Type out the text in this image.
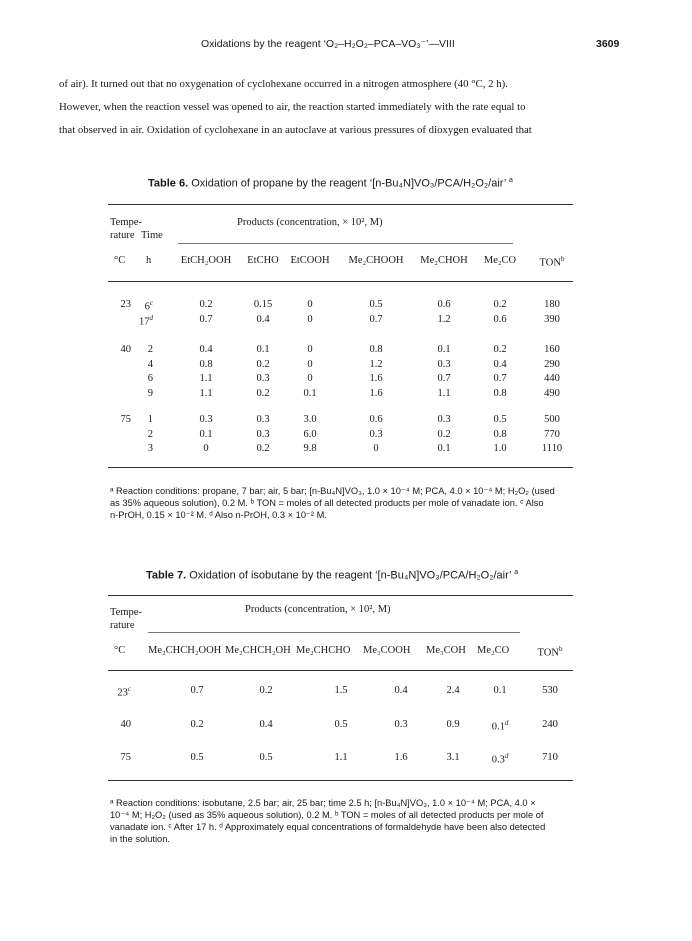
Oxidations by the reagent ‘O₂–H₂O₂–PCA–VO₃⁻’—VIII	3609
of air). It turned out that no oxygenation of cyclohexane occurred in a nitrogen atmosphere (40 °C, 2 h).
However, when the reaction vessel was opened to air, the reaction started immediately with the rate equal to
that observed in air. Oxidation of cyclohexane in an autoclave at various pressures of dioxygen evaluated that
Table 6. Oxidation of propane by the reagent ‘[n-Bu₄N]VO₃/PCA/H₂O₂/air’ $^a$
Tempe-
rature Time
Products (concentration, × 10², M)
°C h	EtCH₂OOH EtCHO EtCOOH Me₂CHOOH Me₂CHOH Me₂CO TON$^b$
23 6$^c$	0.2	0.15	0	0.5	0.6	0.2	180
17$^d$	0.7	0.4	0	0.7	1.2	0.6	390
40 2	0.4	0.1	0	0.8	0.1	0.2	160
4	0.8	0.2	0	1.2	0.3	0.4	290
6	1.1	0.3	0	1.6	0.7	0.7	440
9	1.1	0.2	0.1	1.6	1.1	0.8	490
75 1	0.3	0.3	3.0	0.6	0.3	0.5	500
2	0.1	0.3	6.0	0.3	0.2	0.8	770
3	0	0.2	9.8	0	0.1	1.0	1110
ᵃ Reaction conditions: propane, 7 bar; air, 5 bar; [n-Bu₄N]VO₃, 1.0 × 10⁻⁴ M; PCA, 4.0 × 10⁻⁴ M; H₂O₂ (used
as 35% aqueous solution), 0.2 M. ᵇ TON = moles of all detected products per mole of vanadate ion. ᶜ Also
n-PrOH, 0.15 × 10⁻² M. ᵈ Also n-PrOH, 0.3 × 10⁻² M.
Table 7. Oxidation of isobutane by the reagent ‘[n-Bu₄N]VO₃/PCA/H₂O₂/air’ $^a$
Tempe-
rature
Products (concentration, × 10², M)
°C Me₂CHCH₂OOH Me₂CHCH₂OH Me₂CHCHO Me₃COOH Me₃COH Me₂CO	TON$^b$
23$^c$	0.7	0.2	1.5	0.4	2.4	0.1	530
40	0.2	0.4	0.5	0.3	0.9	0.1$^d$	240
75	0.5	0.5	1.1	1.6	3.1	0.3$^d$	710
ᵃ Reaction conditions: isobutane, 2.5 bar; air, 25 bar; time 2.5 h; [n-Bu₄N]VO₃, 1.0 × 10⁻⁴ M; PCA, 4.0 ×
10⁻⁴ M; H₂O₂ (used as 35% aqueous solution), 0.2 M. ᵇ TON = moles of all detected products per mole of
vanadate ion. ᶜ After 17 h. ᵈ Approximately equal concentrations of formaldehyde have been also detected
in the solution.
